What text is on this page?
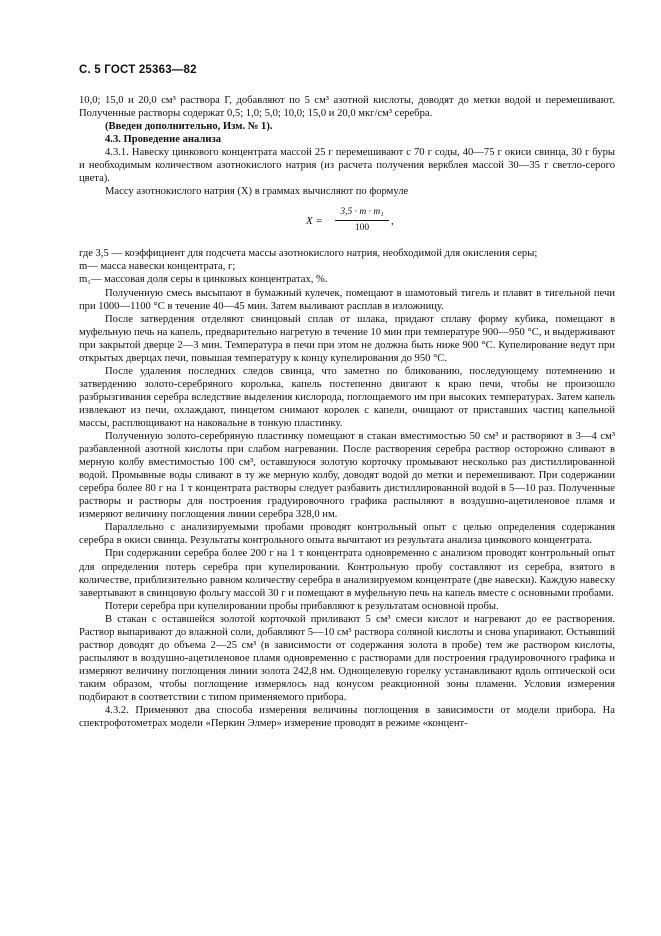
С. 5 ГОСТ 25363—82

10,0; 15,0 и 20,0 см³ раствора Г, добавляют по 5 см³ азотной кислоты, доводят до метки водой и перемешивают. Полученные растворы содержат 0,5; 1,0; 5,0; 10,0; 15,0 и 20,0 мкг/см³ серебра.

(Введен дополнительно, Изм. № 1).

4.3. Проведение анализа

4.3.1. Навеску цинкового концентрата массой 25 г перемешивают с 70 г соды, 40—75 г окиси свинца, 30 г буры и необходимым количеством азотнокислого натрия (из расчета получения веркблея массой 30—35 г светло-серого цвета).

Массу азотнокислого натрия (X) в граммах вычисляют по формуле

$X = \frac{\text{3,5 · m · m₁}}{100}$ ,

где 3,5 — коэффициент для подсчета массы азотнокислого натрия, необходимой для окисления серы;

m— масса навески концентрата, г;

m₁— массовая доля серы в цинковых концентратах, %.

Полученную смесь высыпают в бумажный кулечек, помещают в шамотовый тигель и плавят в тигельной печи при 1000—1100 °С в течение 40—45 мин. Затем выливают расплав в изложницу.

После затвердения отделяют свинцовый сплав от шлака, придают сплаву форму кубика, помещают в муфельную печь на капель, предварительно нагретую в течение 10 мин при температуре 900—950 °С, и выдерживают при закрытой дверце 2—3 мин. Температура в печи при этом не должна быть ниже 900 °С. Купелирование ведут при открытых дверцах печи, повышая температуру к концу купелирования до 950 °С.

После удаления последних следов свинца, что заметно по бликованию, последующему потемнению и затвердению золото-серебряного королька, капель постепенно двигают к краю печи, чтобы не произошло разбрызгивания серебра вследствие выделения кислорода, поглощаемого им при высоких температурах. Затем капель извлекают из печи, охлаждают, пинцетом снимают королек с капели, очищают от приставших частиц капельной массы, расплющивают на наковальне в тонкую пластинку.

Полученную золото-серебряную пластинку помещают в стакан вместимостью 50 см³ и растворяют в 3—4 см³ разбавленной азотной кислоты при слабом нагревании. После растворения серебра раствор осторожно сливают в мерную колбу вместимостью 100 см³, оставшуюся золотую корточку промывают несколько раз дистиллированной водой. Промывные воды сливают в ту же мерную колбу, доводят водой до метки и перемешивают. При содержании серебра более 80 г на 1 т концентрата растворы следует разбавить дистиллированной водой в 5—10 раз. Полученные растворы и растворы для построения градуировочного графика распыляют в воздушно-ацетиленовое пламя и измеряют величину поглощения линии серебра 328,0 нм.

Параллельно с анализируемыми пробами проводят контрольный опыт с целью определения содержания серебра в окиси свинца. Результаты контрольного опыта вычитают из результата анализа цинкового концентрата.

При содержании серебра более 200 г на 1 т концентрата одновременно с анализом проводят контрольный опыт для определения потерь серебра при купелировании. Контрольную пробу составляют из серебра, взятого в количестве, приблизительно равном количеству серебра в анализируемом концентрате (две навески). Каждую навеску завертывают в свинцовую фольгу массой 30 г и помещают в муфельную печь на капель вместе с основными пробами.

Потери серебра при купелировании пробы прибавляют к результатам основной пробы.

В стакан с оставшейся золотой корточкой приливают 5 см³ смеси кислот и нагревают до ее растворения. Раствор выпаривают до влажной соли, добавляют 5—10 см³ раствора соляной кислоты и снова упаривают. Остывший раствор доводят до объема 2—25 см³ (в зависимости от содержания золота в пробе) тем же раствором кислоты, распыляют в воздушно-ацетиленовое пламя одновременно с растворами для построения градуировочного графика и измеряют величину поглощения линии золота 242,8 нм. Однощелевую горелку устанавливают вдоль оптической оси таким образом, чтобы поглощение измерялось над конусом реакционной зоны пламени. Условия измерения подбирают в соответствии с типом применяемого прибора.

4.3.2. Применяют два способа измерения величины поглощения в зависимости от модели прибора. На спектрофотометрах модели «Перкин Элмер» измерение проводят в режиме «концент-
